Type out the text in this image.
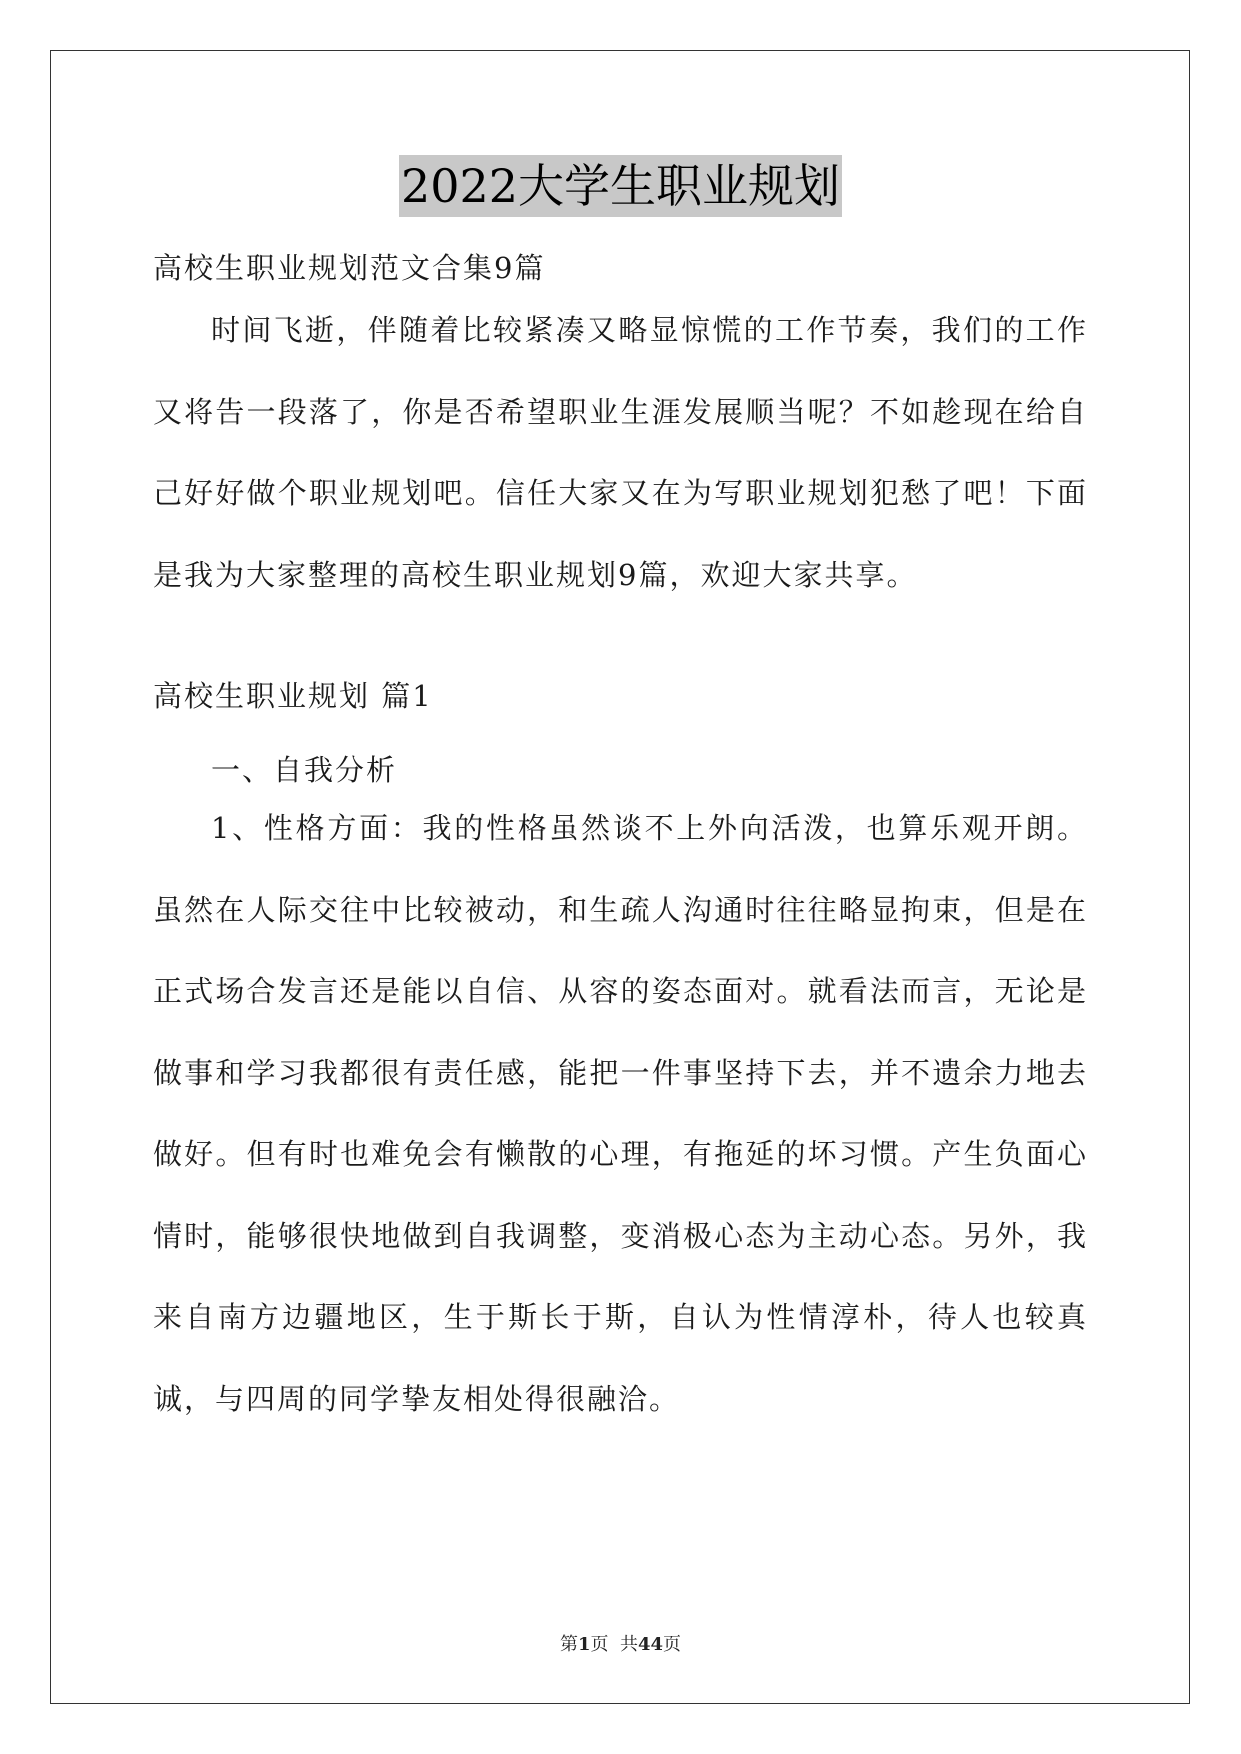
2022大学生职业规划

高校生职业规划范文合集9篇

时间飞逝，伴随着比较紧凑又略显惊慌的工作节奏，我们的工作又将告一段落了，你是否希望职业生涯发展顺当呢？不如趁现在给自己好好做个职业规划吧。信任大家又在为写职业规划犯愁了吧！下面是我为大家整理的高校生职业规划9篇，欢迎大家共享。

高校生职业规划 篇1

一、自我分析

1、性格方面：我的性格虽然谈不上外向活泼，也算乐观开朗。虽然在人际交往中比较被动，和生疏人沟通时往往略显拘束，但是在正式场合发言还是能以自信、从容的姿态面对。就看法而言，无论是做事和学习我都很有责任感，能把一件事坚持下去，并不遗余力地去做好。但有时也难免会有懒散的心理，有拖延的坏习惯。产生负面心情时，能够很快地做到自我调整，变消极心态为主动心态。另外，我来自南方边疆地区，生于斯长于斯，自认为性情淳朴，待人也较真诚，与四周的同学挚友相处得很融洽。

第1页  共44页
